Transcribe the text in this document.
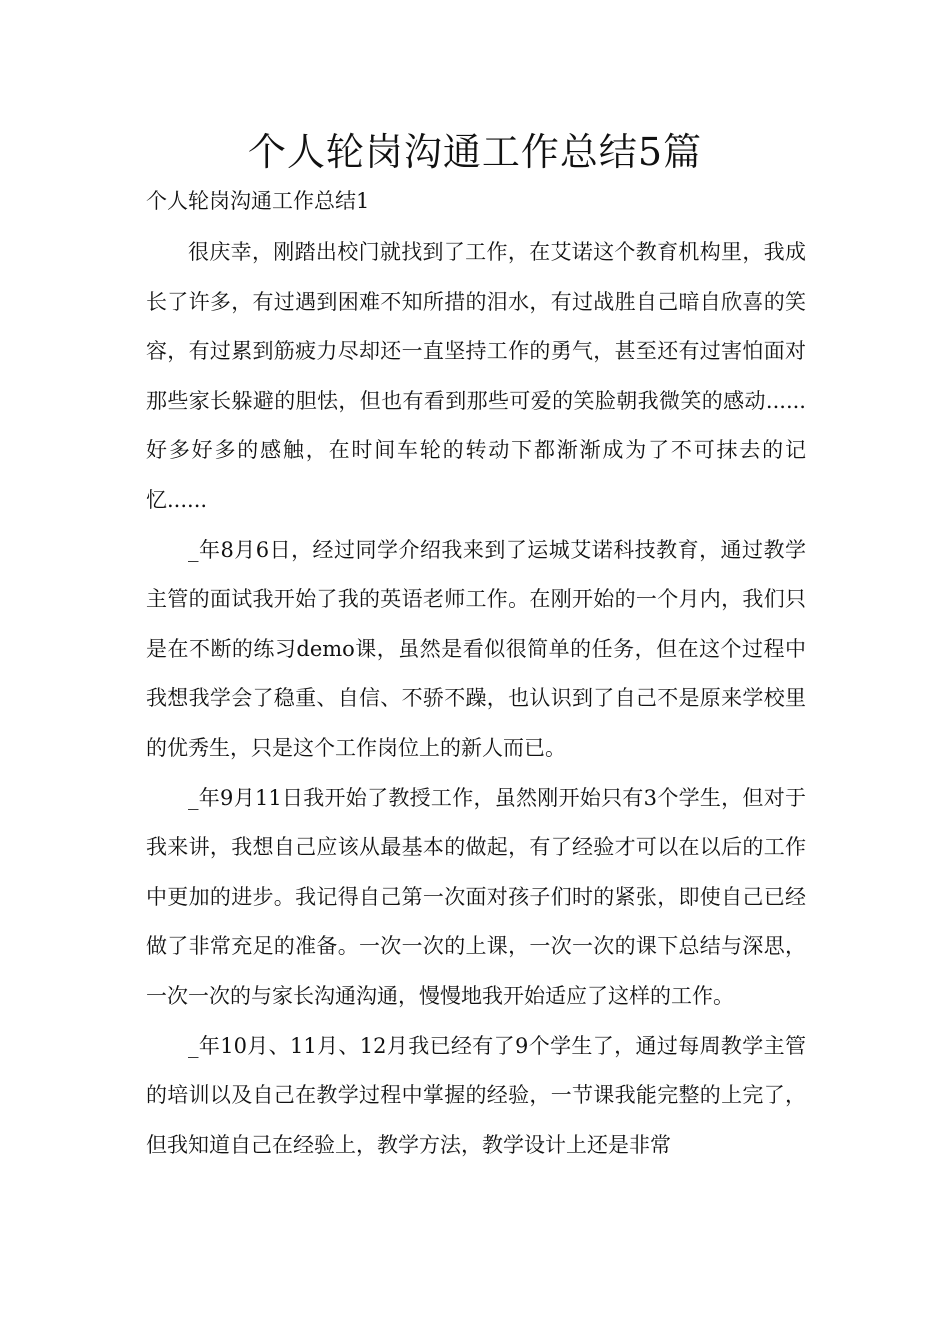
个人轮岗沟通工作总结5篇
个人轮岗沟通工作总结1

很庆幸，刚踏出校门就找到了工作，在艾诺这个教育机构里，我成长了许多，有过遇到困难不知所措的泪水，有过战胜自己暗自欣喜的笑容，有过累到筋疲力尽却还一直坚持工作的勇气，甚至还有过害怕面对那些家长躲避的胆怯，但也有看到那些可爱的笑脸朝我微笑的感动......好多好多的感触，在时间车轮的转动下都渐渐成为了不可抹去的记忆......

_年8月6日，经过同学介绍我来到了运城艾诺科技教育，通过教学主管的面试我开始了我的英语老师工作。在刚开始的一个月内，我们只是在不断的练习demo课，虽然是看似很简单的任务，但在这个过程中我想我学会了稳重、自信、不骄不躁，也认识到了自己不是原来学校里的优秀生，只是这个工作岗位上的新人而已。

_年9月11日我开始了教授工作，虽然刚开始只有3个学生，但对于我来讲，我想自己应该从最基本的做起，有了经验才可以在以后的工作中更加的进步。我记得自己第一次面对孩子们时的紧张，即使自己已经做了非常充足的准备。一次一次的上课，一次一次的课下总结与深思，一次一次的与家长沟通沟通，慢慢地我开始适应了这样的工作。

_年10月、11月、12月我已经有了9个学生了，通过每周教学主管的培训以及自己在教学过程中掌握的经验，一节课我能完整的上完了，但我知道自己在经验上，教学方法，教学设计上还是非常
